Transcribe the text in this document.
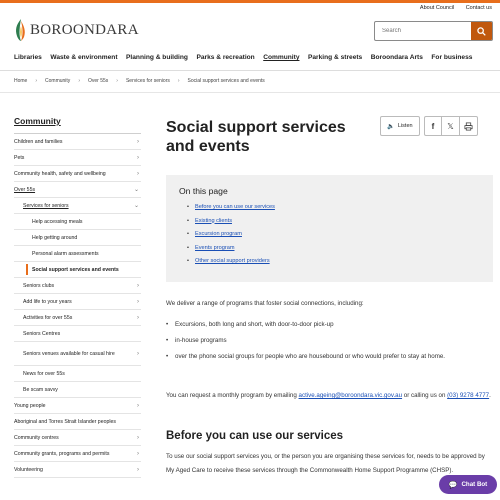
About Council Contact us
BOROONDARA
Search
Libraries Waste & environment Planning & building Parks & recreation Community Parking & streets Boroondara Arts For business
Home › Community › Over 55s › Services for seniors › Social support services and events
Community
Children and families	›
Pets	›
Community health, safety and wellbeing	›
Over 55s	⌄
Services for seniors	⌄
Help accessing meals
Help getting around
Personal alarm assessments
Social support services and events
Seniors clubs	›
Add life to your years	›
Activities for over 55s	›
Seniors Centres
Seniors venues available for casual hire	›
News for over 55s
Be scam savvy
Young people	›
Aboriginal and Torres Strait Islander peoples
Community centres	›
Community grants, programs and permits	›
Volunteering	›
Social support services and events
🔈 Listen f 𝕏
On this page
• Before you can use our services
• Existing clients
• Excursion program
• Events program
• Other social support providers
We deliver a range of programs that foster social connections, including:
• Excursions, both long and short, with door-to-door pick-up
• in-house programs
• over the phone social groups for people who are housebound or who would prefer to stay at home.
You can request a monthly program by emailing active.ageing@boroondara.vic.gov.au or calling us on (03) 9278 4777.
Before you can use our services
To use our social support services you, or the person you are organising these services for, needs to be approved by My Aged Care to receive these services through the Commonwealth Home Support Programme (CHSP).
💬 Chat Bot
